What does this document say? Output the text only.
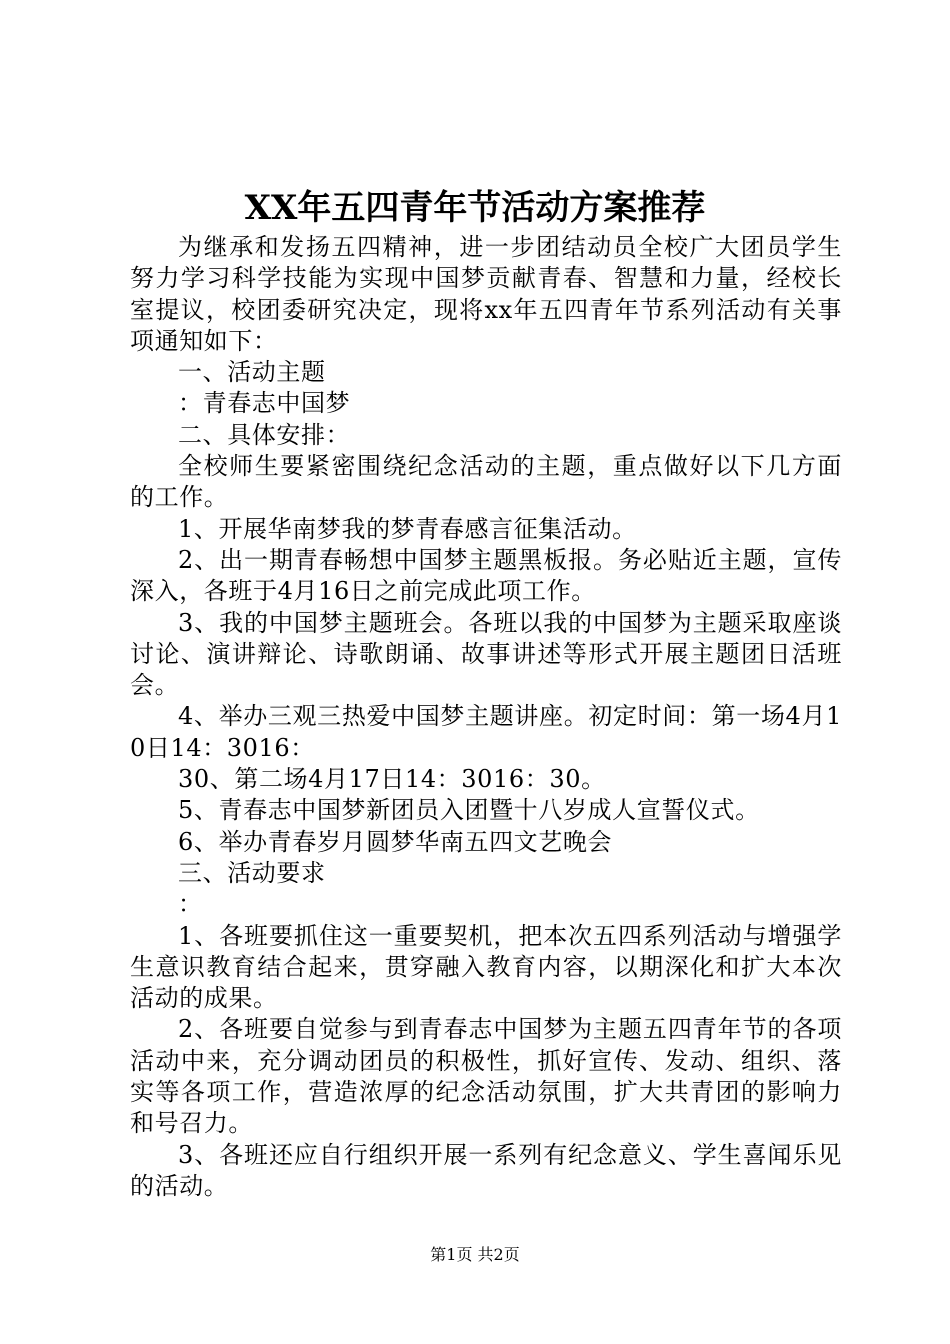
XX年五四青年节活动方案推荐

为继承和发扬五四精神，进一步团结动员全校广大团员学生努力学习科学技能为实现中国梦贡献青春、智慧和力量，经校长室提议，校团委研究决定，现将xx年五四青年节系列活动有关事项通知如下：

一、活动主题

：青春志中国梦

二、具体安排：

全校师生要紧密围绕纪念活动的主题，重点做好以下几方面的工作。

1、开展华南梦我的梦青春感言征集活动。

2、出一期青春畅想中国梦主题黑板报。务必贴近主题，宣传深入，各班于4月16日之前完成此项工作。

3、我的中国梦主题班会。各班以我的中国梦为主题采取座谈讨论、演讲辩论、诗歌朗诵、故事讲述等形式开展主题团日活班会。

4、举办三观三热爱中国梦主题讲座。初定时间：第一场4月10日14：3016：

30、第二场4月17日14：3016：30。

5、青春志中国梦新团员入团暨十八岁成人宣誓仪式。

6、举办青春岁月圆梦华南五四文艺晚会

三、活动要求

：

1、各班要抓住这一重要契机，把本次五四系列活动与增强学生意识教育结合起来，贯穿融入教育内容，以期深化和扩大本次活动的成果。

2、各班要自觉参与到青春志中国梦为主题五四青年节的各项活动中来，充分调动团员的积极性，抓好宣传、发动、组织、落实等各项工作，营造浓厚的纪念活动氛围，扩大共青团的影响力和号召力。

3、各班还应自行组织开展一系列有纪念意义、学生喜闻乐见的活动。

第1页 共2页
